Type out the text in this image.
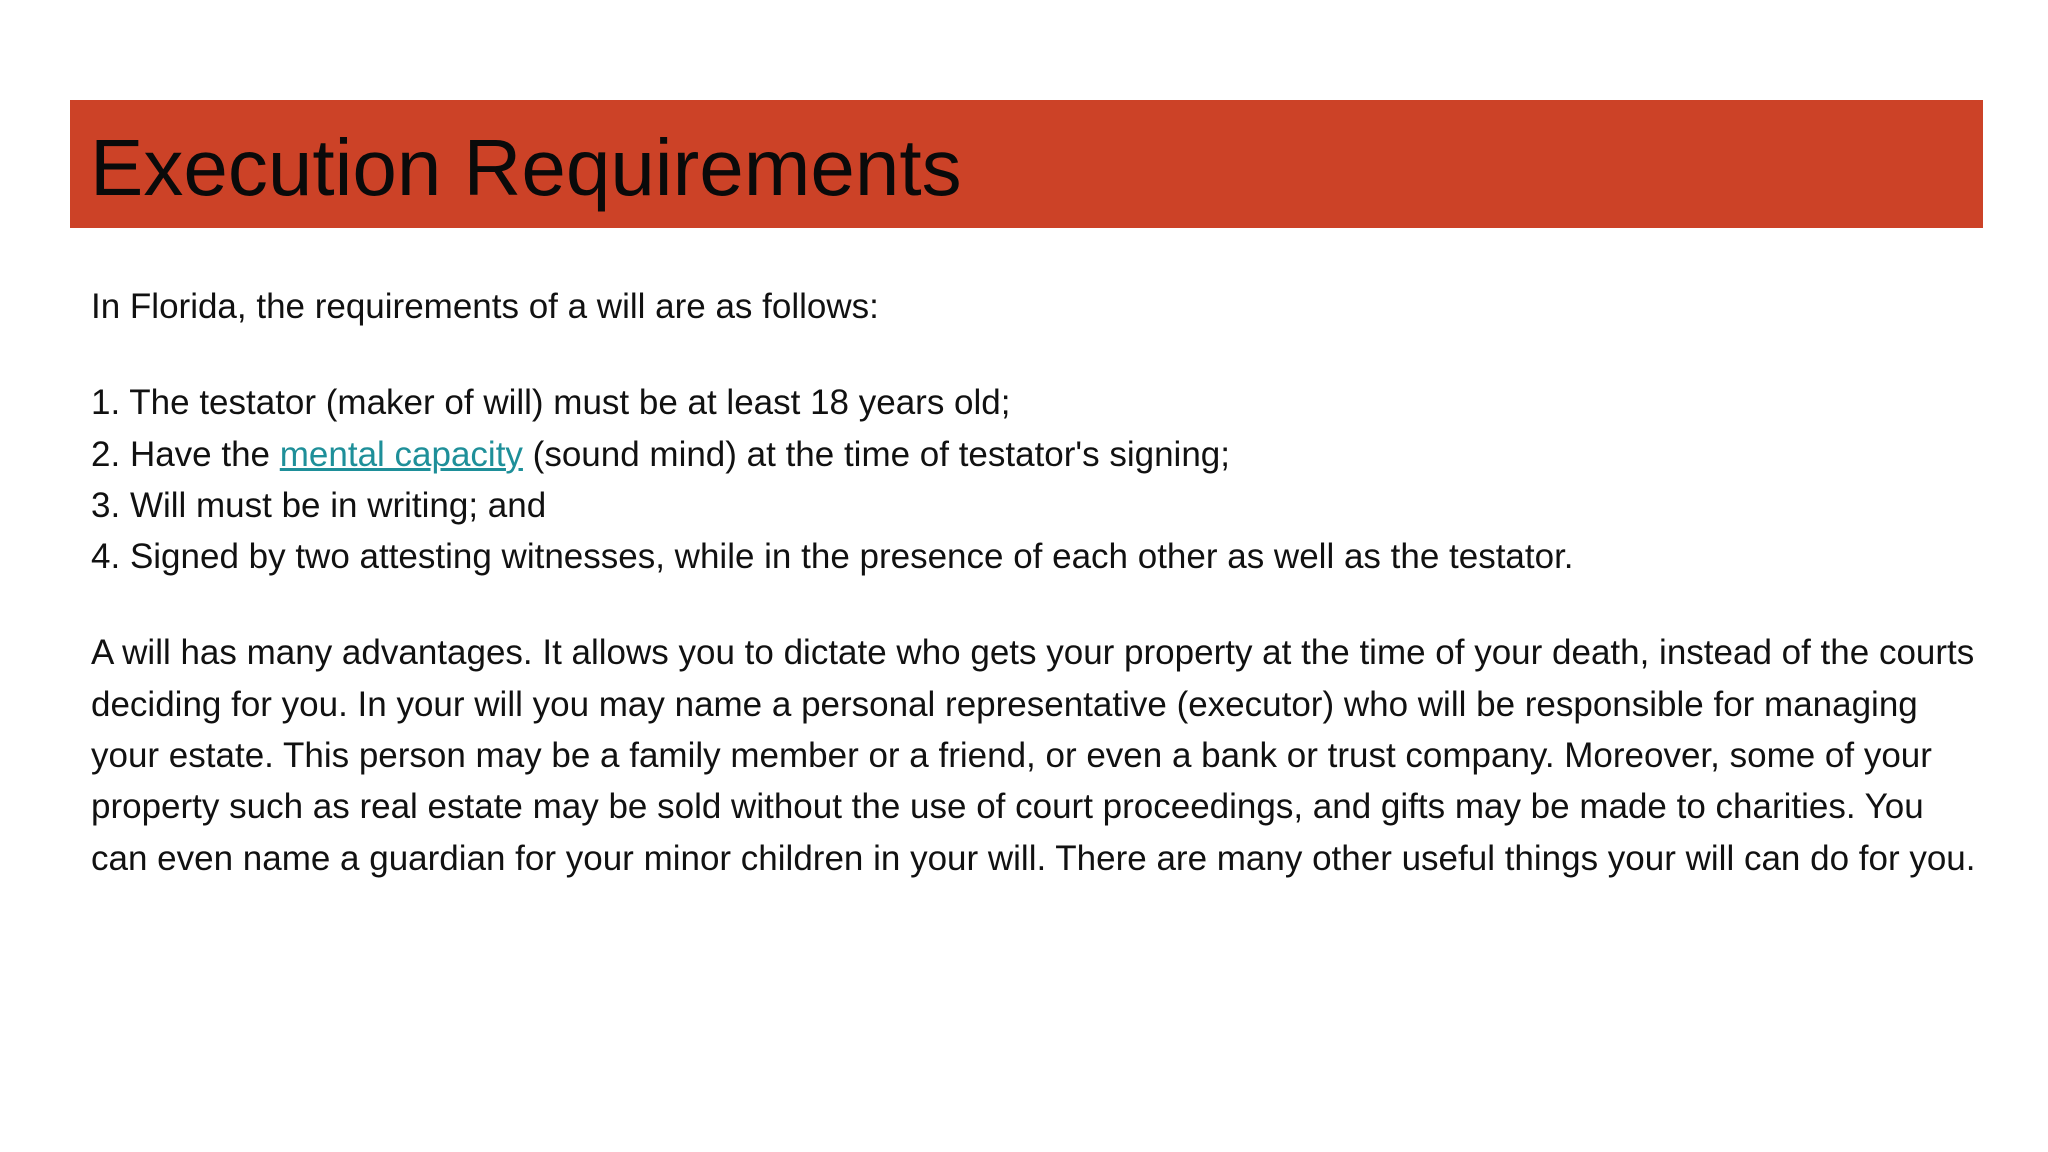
Execution Requirements

In Florida, the requirements of a will are as follows:

1. The testator (maker of will) must be at least 18 years old;
2. Have the mental capacity (sound mind) at the time of testator's signing;
3. Will must be in writing; and
4. Signed by two attesting witnesses, while in the presence of each other as well as the testator.

A will has many advantages. It allows you to dictate who gets your property at the time of your death, instead of the courts deciding for you. In your will you may name a personal representative (executor) who will be responsible for managing your estate. This person may be a family member or a friend, or even a bank or trust company. Moreover, some of your property such as real estate may be sold without the use of court proceedings, and gifts may be made to charities. You can even name a guardian for your minor children in your will. There are many other useful things your will can do for you.
